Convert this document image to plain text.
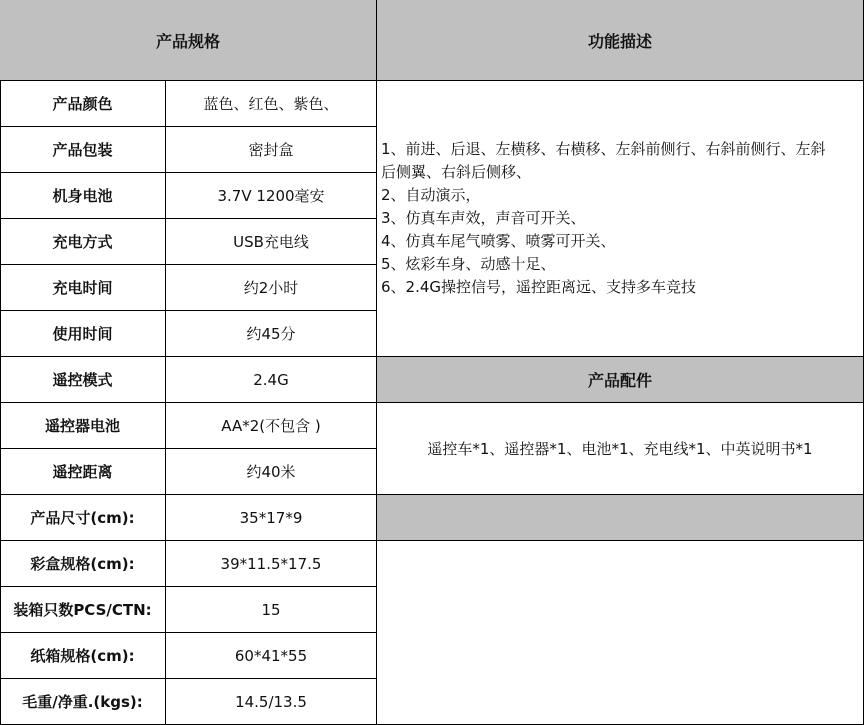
产品规格	功能描述
产品颜色	蓝色、红色、紫色、
产品包装	密封盒
机身电池	3.7V 1200毫安
充电方式	USB充电线
充电时间	约2小时
使用时间	约45分
遥控模式	2.4G
遥控器电池	AA*2(不包含 )
遥控距离	约40米
产品尺寸(cm):	35*17*9
彩盒规格(cm):	39*11.5*17.5
装箱只数PCS/CTN:	15
纸箱规格(cm):	60*41*55
毛重/净重.(kgs):	14.5/13.5
1、前进、后退、左横移、右横移、左斜前侧行、右斜前侧行、左斜
后侧翼、右斜后侧移、
2、自动演示，
3、仿真车声效，声音可开关、
4、仿真车尾气喷雾、喷雾可开关、
5、炫彩车身、动感十足、
6、2.4G操控信号，遥控距离远、支持多车竞技
产品配件
遥控车*1、遥控器*1、电池*1、充电线*1、中英说明书*1
